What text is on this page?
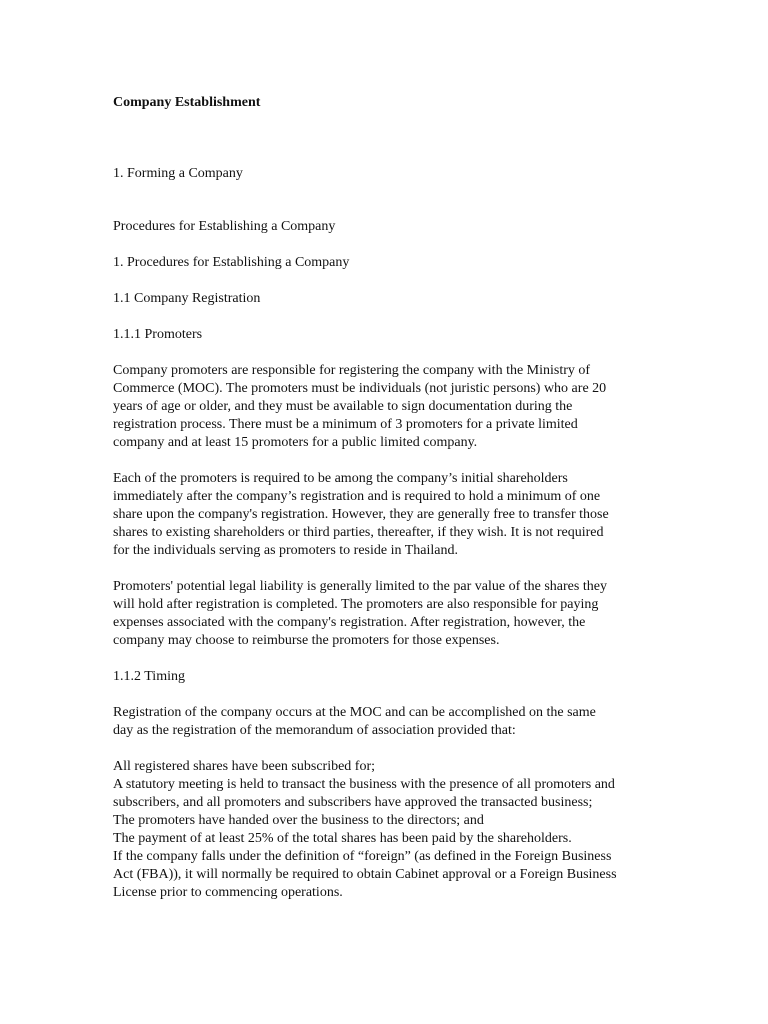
Company Establishment

1. Forming a Company

Procedures for Establishing a Company

1. Procedures for Establishing a Company

1.1 Company Registration

1.1.1 Promoters

Company promoters are responsible for registering the company with the Ministry of

Commerce (MOC). The promoters must be individuals (not juristic persons) who are 20

years of age or older, and they must be available to sign documentation during the

registration process. There must be a minimum of 3 promoters for a private limited

company and at least 15 promoters for a public limited company.

Each of the promoters is required to be among the company’s initial shareholders

immediately after the company’s registration and is required to hold a minimum of one

share upon the company's registration. However, they are generally free to transfer those

shares to existing shareholders or third parties, thereafter, if they wish. It is not required

for the individuals serving as promoters to reside in Thailand.

Promoters' potential legal liability is generally limited to the par value of the shares they

will hold after registration is completed. The promoters are also responsible for paying

expenses associated with the company's registration. After registration, however, the

company may choose to reimburse the promoters for those expenses.

1.1.2 Timing

Registration of the company occurs at the MOC and can be accomplished on the same

day as the registration of the memorandum of association provided that:

All registered shares have been subscribed for;

A statutory meeting is held to transact the business with the presence of all promoters and

subscribers, and all promoters and subscribers have approved the transacted business;

The promoters have handed over the business to the directors; and

The payment of at least 25% of the total shares has been paid by the shareholders.

If the company falls under the definition of “foreign” (as defined in the Foreign Business

Act (FBA)), it will normally be required to obtain Cabinet approval or a Foreign Business

License prior to commencing operations.
